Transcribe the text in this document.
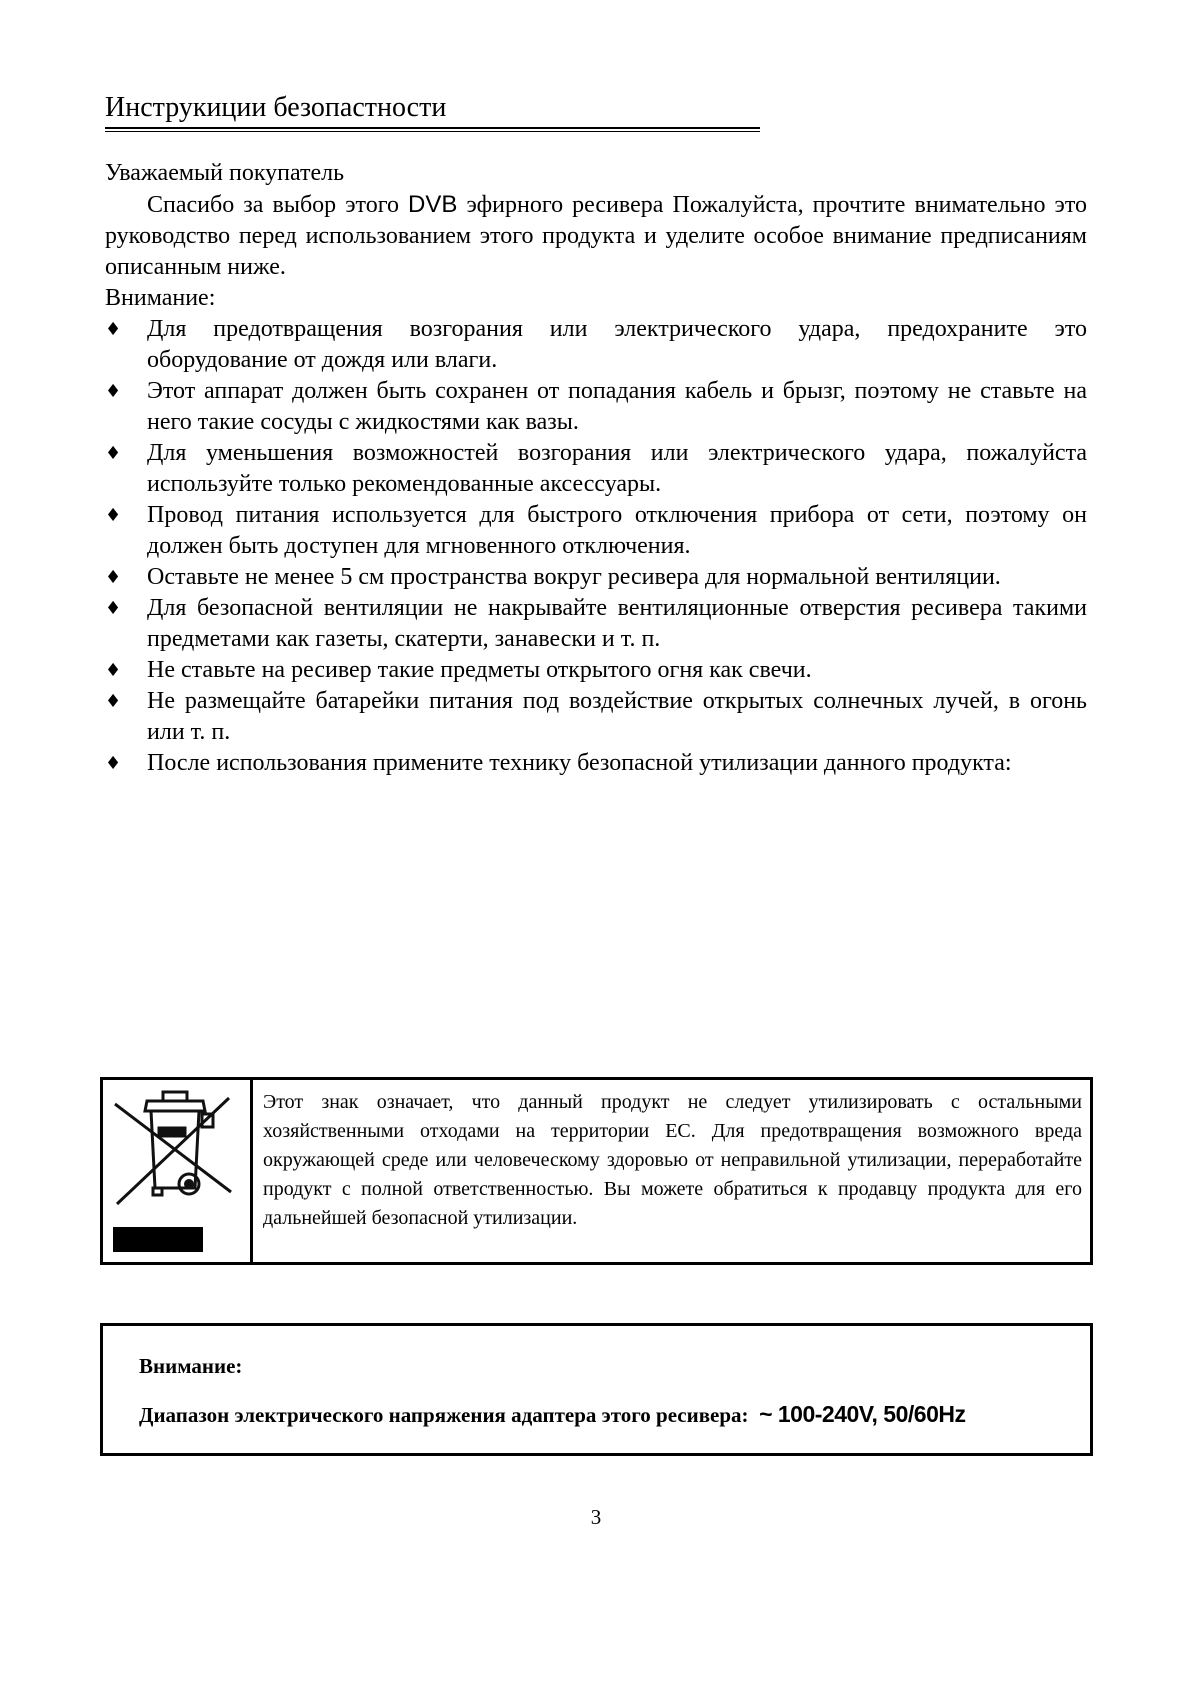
Инструкиции безопастности
Уважаемый покупатель

Спасибо за выбор этого DVB эфирного ресивера Пожалуйста, прочтите внимательно это руководство перед использованием этого продукта и уделите особое внимание предписаниям описанным ниже.

Внимание:
♦	Для предотвращения возгорания или электрического удара, предохраните это оборудование от дождя или влаги.
♦	Этот аппарат должен быть сохранен от попадания кабель и брызг, поэтому не ставьте на него такие сосуды с жидкостями как вазы.
♦	Для уменьшения возможностей возгорания или электрического удара, пожалуйста используйте только рекомендованные аксессуары.
♦	Провод питания используется для быстрого отключения прибора от сети, поэтому он должен быть доступен для мгновенного отключения.
♦	Оставьте не менее 5 см пространства вокруг ресивера для нормальной вентиляции.
♦	Для безопасной вентиляции не накрывайте вентиляционные отверстия ресивера такими предметами как газеты, скатерти, занавески и т. п.
♦	Не ставьте на ресивер такие предметы открытого огня как свечи.
♦	Не размещайте батарейки питания под воздействие открытых солнечных лучей, в огонь или т. п.
♦	После использования примените технику безопасной утилизации данного продукта:
Этот знак означает, что данный продукт не следует утилизировать с остальными хозяйственными отходами на территории ЕС. Для предотвращения возможного вреда окружающей среде или человеческому здоровью от неправильной утилизации, переработайте продукт с полной ответственностью. Вы можете обратиться к продавцу продукта для его дальнейшей безопасной утилизации.
Внимание:
Диапазон электрического напряжения адаптера этого ресивера: ~ 100-240V, 50/60Hz
3
